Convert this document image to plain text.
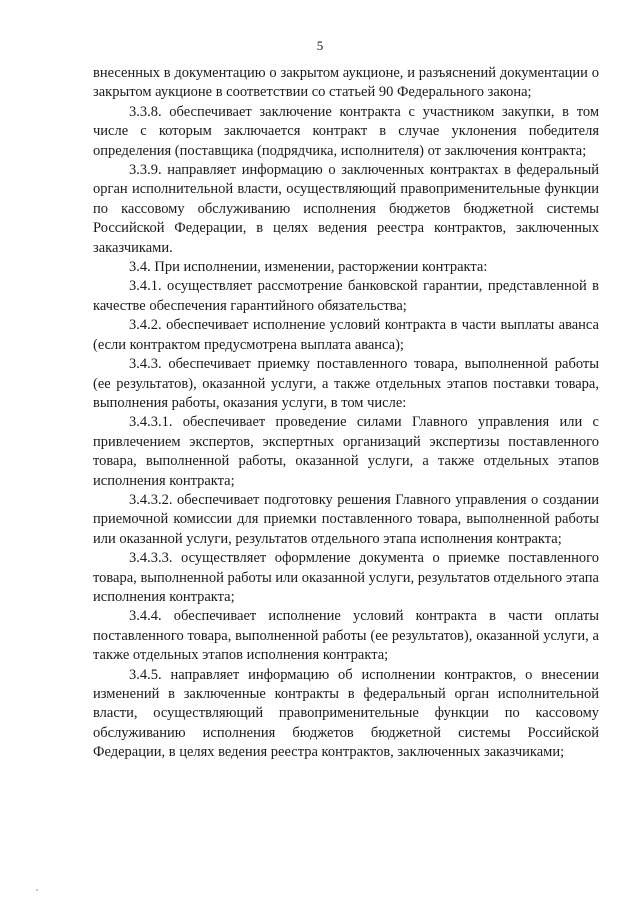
5

внесенных в документацию о закрытом аукционе, и разъяснений документации о закрытом аукционе в соответствии со статьей 90 Федерального закона;

3.3.8. обеспечивает заключение контракта с участником закупки, в том числе с которым заключается контракт в случае уклонения победителя определения (поставщика (подрядчика, исполнителя) от заключения контракта;

3.3.9. направляет информацию о заключенных контрактах в федеральный орган исполнительной власти, осуществляющий правоприменительные функции по кассовому обслуживанию исполнения бюджетов бюджетной системы Российской Федерации, в целях ведения реестра контрактов, заключенных заказчиками.

3.4. При исполнении, изменении, расторжении контракта:

3.4.1. осуществляет рассмотрение банковской гарантии, представленной в качестве обеспечения гарантийного обязательства;

3.4.2. обеспечивает исполнение условий контракта в части выплаты аванса (если контрактом предусмотрена выплата аванса);

3.4.3. обеспечивает приемку поставленного товара, выполненной работы (ее результатов), оказанной услуги, а также отдельных этапов поставки товара, выполнения работы, оказания услуги, в том числе:

3.4.3.1. обеспечивает проведение силами Главного управления или с привлечением экспертов, экспертных организаций экспертизы поставленного товара, выполненной работы, оказанной услуги, а также отдельных этапов исполнения контракта;

3.4.3.2. обеспечивает подготовку решения Главного управления о создании приемочной комиссии для приемки поставленного товара, выполненной работы или оказанной услуги, результатов отдельного этапа исполнения контракта;

3.4.3.3. осуществляет оформление документа о приемке поставленного товара, выполненной работы или оказанной услуги, результатов отдельного этапа исполнения контракта;

3.4.4. обеспечивает исполнение условий контракта в части оплаты поставленного товара, выполненной работы (ее результатов), оказанной услуги, а также отдельных этапов исполнения контракта;

3.4.5. направляет информацию об исполнении контрактов, о внесении изменений в заключенные контракты в федеральный орган исполнительной власти, осуществляющий правоприменительные функции по кассовому обслуживанию исполнения бюджетов бюджетной системы Российской Федерации, в целях ведения реестра контрактов, заключенных заказчиками;
